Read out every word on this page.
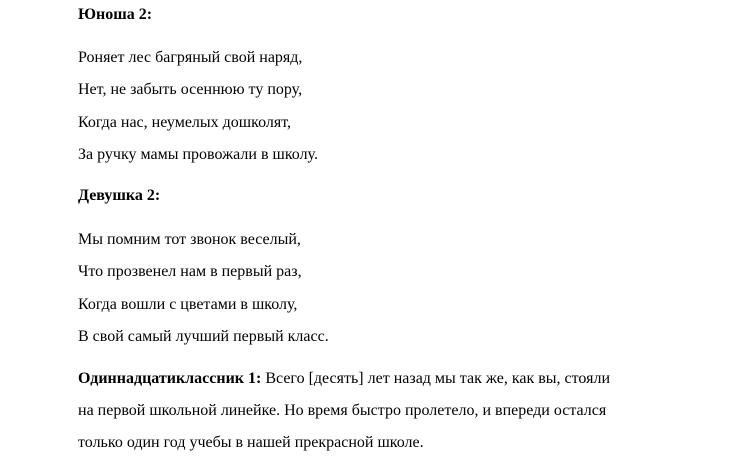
Юноша 2:
Роняет лес багряный свой наряд,
Нет, не забыть осеннюю ту пору,
Когда нас, неумелых дошколят,
За ручку мамы провожали в школу.
Девушка 2:
Мы помним тот звонок веселый,
Что прозвенел нам в первый раз,
Когда вошли с цветами в школу,
В свой самый лучший первый класс.
Одиннадцатиклассник 1: Всего [десять] лет назад мы так же, как вы, стояли
на первой школьной линейке. Но время быстро пролетело, и впереди остался
только один год учебы в нашей прекрасной школе.
